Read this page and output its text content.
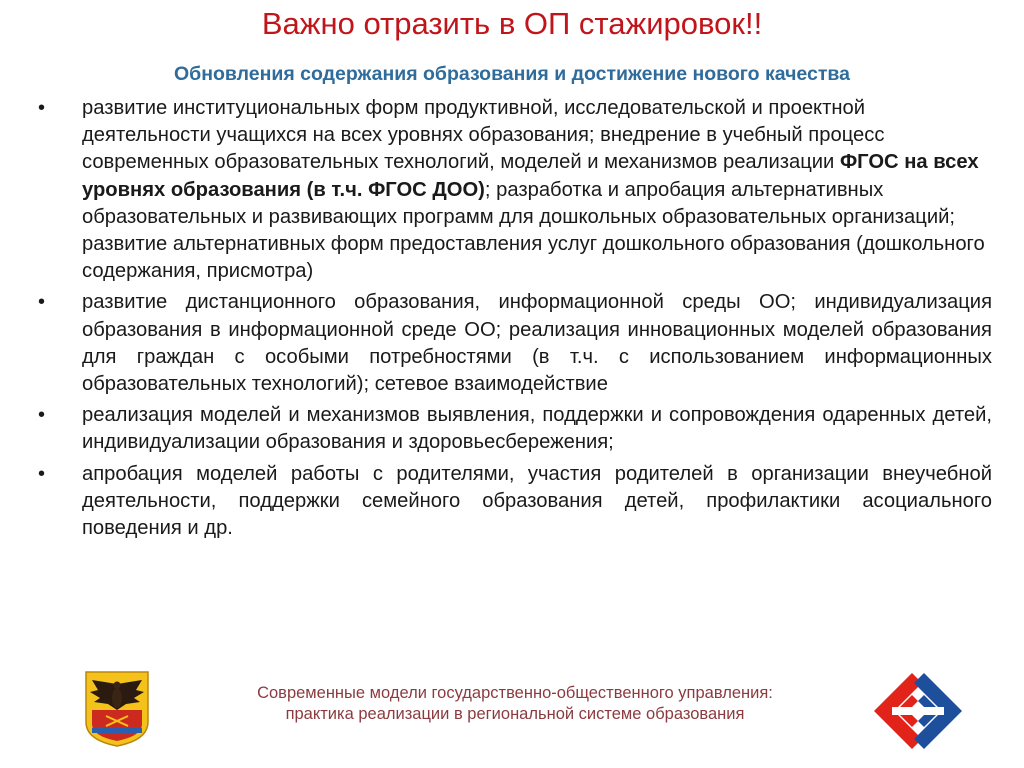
Важно отразить в ОП стажировок!!
Обновления содержания образования и достижение нового качества
• развитие институциональных форм продуктивной, исследовательской и проектной деятельности учащихся на всех уровнях образования; внедрение в учебный процесс современных образовательных технологий, моделей и механизмов реализации ФГОС на всех уровнях образования (в т.ч. ФГОС ДОО); разработка и апробация альтернативных образовательных и развивающих программ для дошкольных образовательных организаций; развитие альтернативных форм предоставления услуг дошкольного образования (дошкольного содержания, присмотра)
• развитие дистанционного образования, информационной среды ОО; индивидуализация образования в информационной среде ОО; реализация инновационных моделей образования для граждан с особыми потребностями (в т.ч. с использованием информационных образовательных технологий); сетевое взаимодействие
• реализация моделей и механизмов выявления, поддержки и сопровождения одаренных детей, индивидуализации образования и здоровьесбережения;
• апробация моделей работы с родителями, участия родителей в организации внеучебной деятельности, поддержки семейного образования детей, профилактики асоциального поведения и др.
Современные модели государственно-общественного управления:
практика реализации в региональной системе образования
